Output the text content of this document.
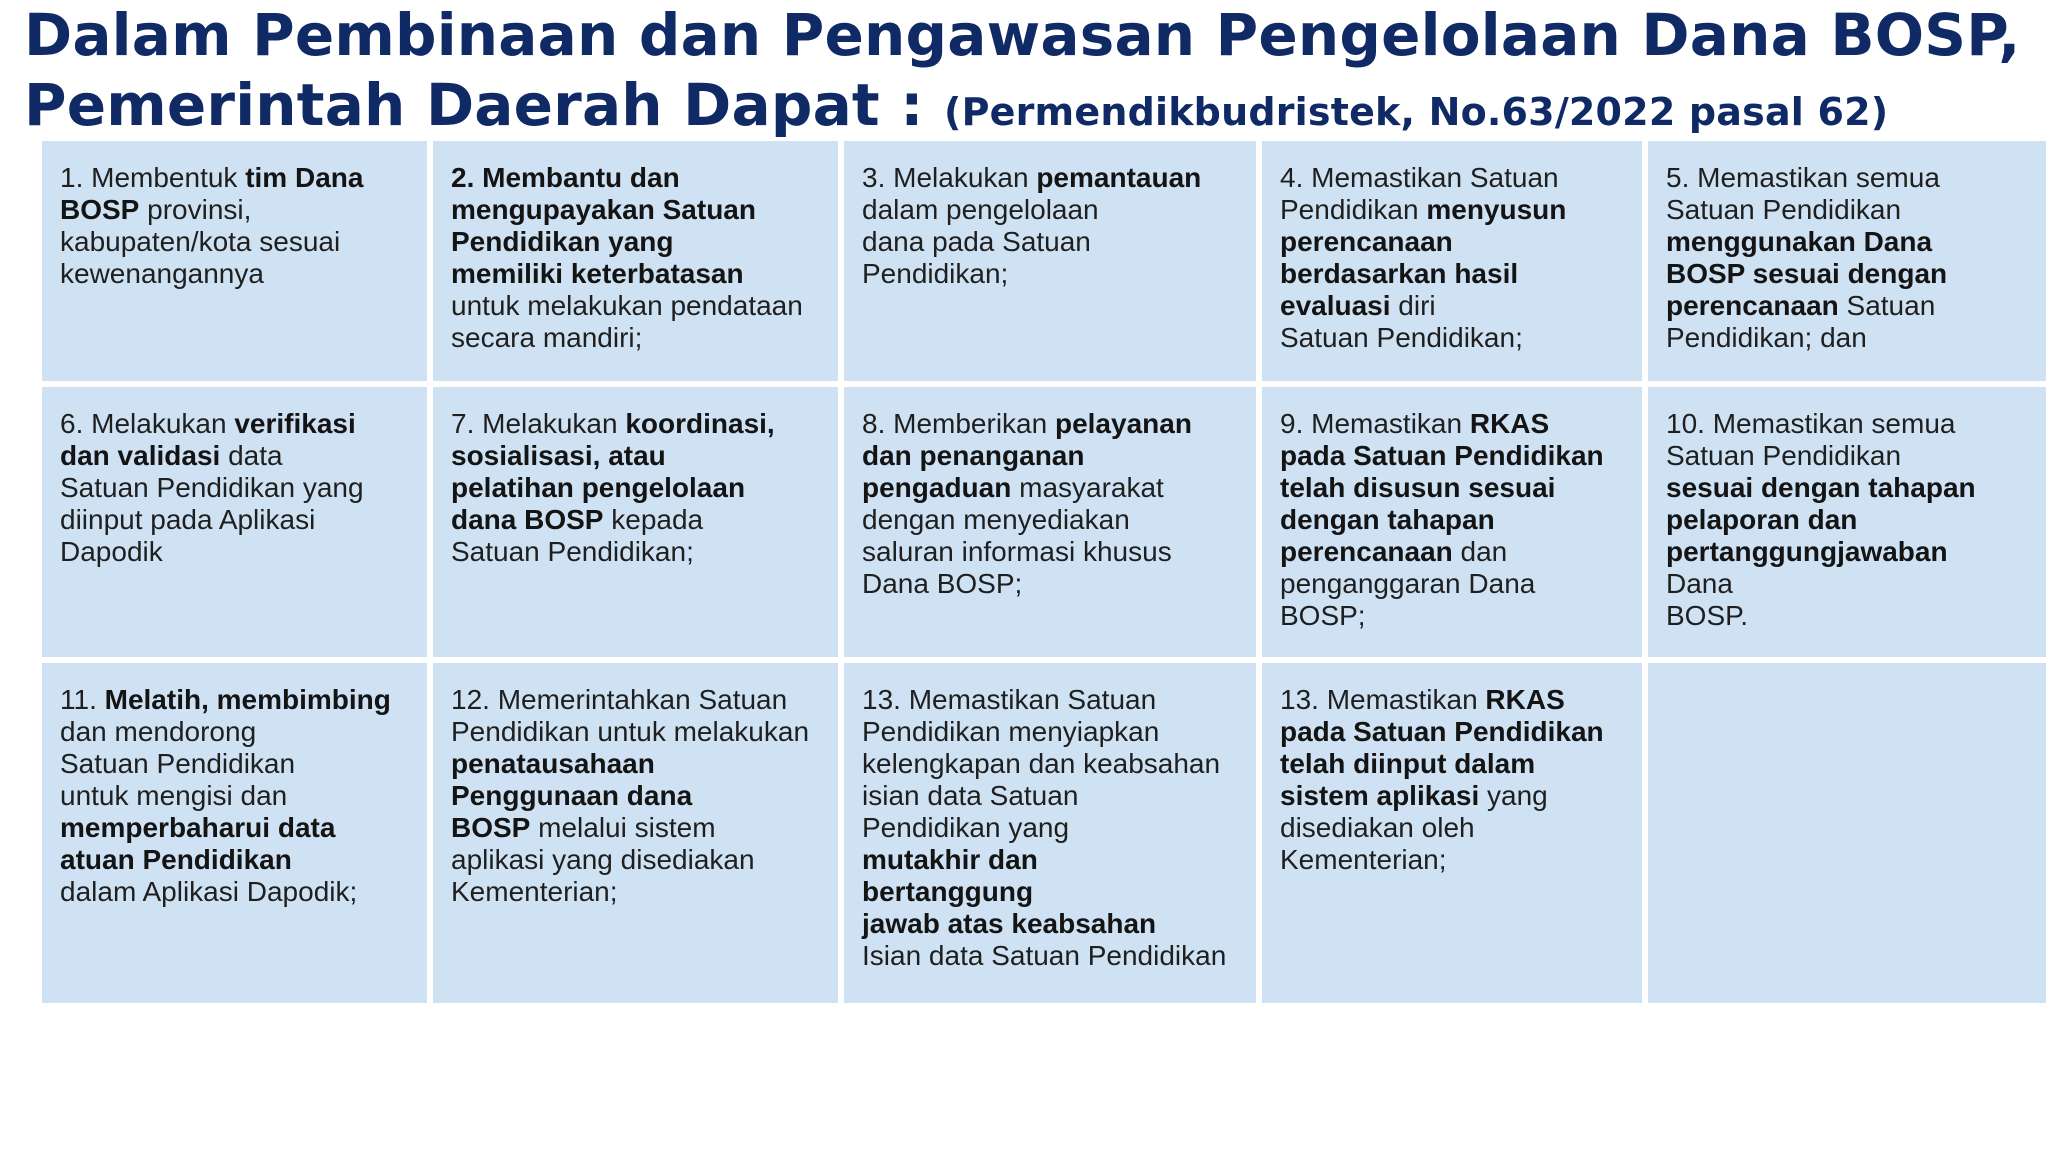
Dalam Pembinaan dan Pengawasan Pengelolaan Dana BOSP,
Pemerintah Daerah Dapat : (Permendikbudristek, No.63/2022 pasal 62)
1. Membentuk tim Dana
BOSP provinsi,
kabupaten/kota sesuai
kewenangannya
2. Membantu dan
mengupayakan Satuan
Pendidikan yang
memiliki keterbatasan
untuk melakukan pendataan
secara mandiri;
3. Melakukan pemantauan
dalam pengelolaan
dana pada Satuan
Pendidikan;
4. Memastikan Satuan
Pendidikan menyusun
perencanaan
berdasarkan hasil
evaluasi diri
Satuan Pendidikan;
5. Memastikan semua
Satuan Pendidikan
menggunakan Dana
BOSP sesuai dengan
perencanaan Satuan
Pendidikan; dan
6. Melakukan verifikasi
dan validasi data
Satuan Pendidikan yang
diinput pada Aplikasi
Dapodik
7. Melakukan koordinasi,
sosialisasi, atau
pelatihan pengelolaan
dana BOSP kepada
Satuan Pendidikan;
8. Memberikan pelayanan
dan penanganan
pengaduan masyarakat
dengan menyediakan
saluran informasi khusus
Dana BOSP;
9. Memastikan RKAS
pada Satuan Pendidikan
telah disusun sesuai
dengan tahapan
perencanaan dan
penganggaran Dana
BOSP;
10. Memastikan semua
Satuan Pendidikan
sesuai dengan tahapan
pelaporan dan
pertanggungjawaban
Dana
BOSP.
11. Melatih, membimbing
dan mendorong
Satuan Pendidikan
untuk mengisi dan
memperbaharui data
atuan Pendidikan
dalam Aplikasi Dapodik;
12. Memerintahkan Satuan
Pendidikan untuk melakukan
penatausahaan
Penggunaan dana
BOSP melalui sistem
aplikasi yang disediakan
Kementerian;
13. Memastikan Satuan
Pendidikan menyiapkan
kelengkapan dan keabsahan
isian data Satuan
Pendidikan yang
mutakhir dan
bertanggung
jawab atas keabsahan
Isian data Satuan Pendidikan
13. Memastikan RKAS
pada Satuan Pendidikan
telah diinput dalam
sistem aplikasi yang
disediakan oleh
Kementerian;
